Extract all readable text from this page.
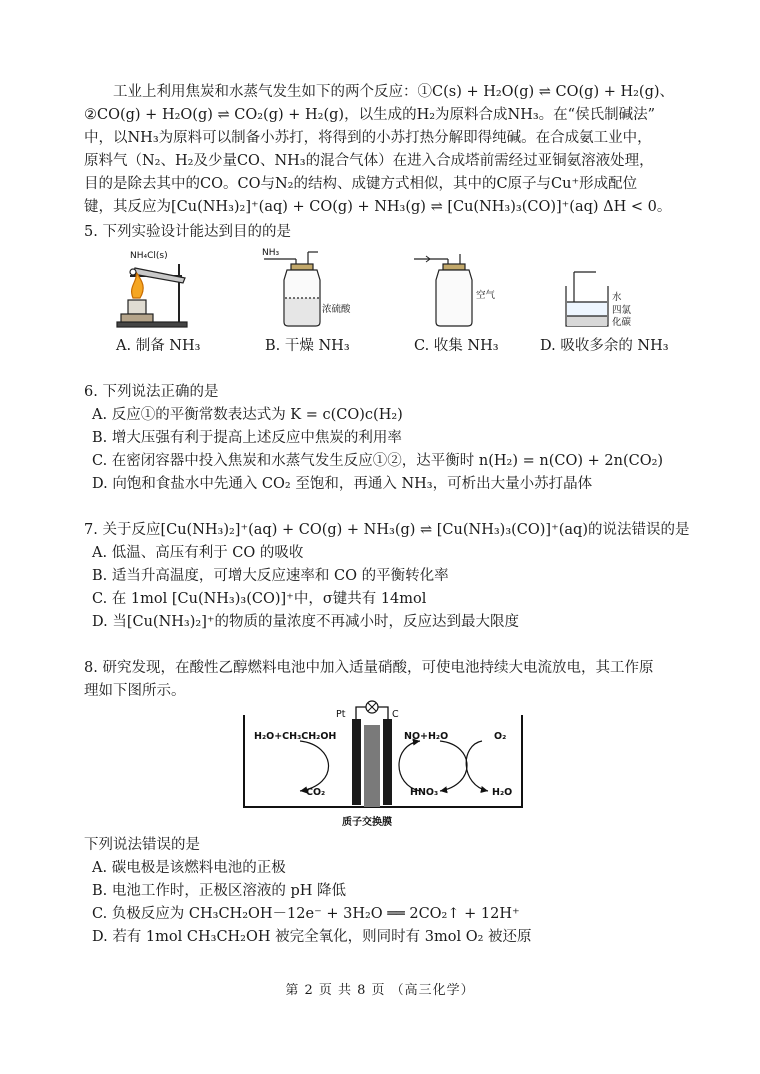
工业上利用焦炭和水蒸气发生如下的两个反应：①C(s) + H₂O(g) ⇌ CO(g) + H₂(g)、

②CO(g) + H₂O(g) ⇌ CO₂(g) + H₂(g)，以生成的H₂为原料合成NH₃。在“侯氏制碱法”

中，以NH₃为原料可以制备小苏打，将得到的小苏打热分解即得纯碱。在合成氨工业中，

原料气（N₂、H₂及少量CO、NH₃的混合气体）在进入合成塔前需经过亚铜氨溶液处理，

目的是除去其中的CO。CO与N₂的结构、成键方式相似，其中的C原子与Cu⁺形成配位

键，其反应为[Cu(NH₃)₂]⁺(aq) + CO(g) + NH₃(g) ⇌ [Cu(NH₃)₃(CO)]⁺(aq) ΔH < 0。

5. 下列实验设计能达到目的的是
NH₄Cl(s)	NH₃
浓硫酸
空气	水
四氯
化碳
A. 制备 NH₃	B. 干燥 NH₃	C. 收集 NH₃	D. 吸收多余的 NH₃
6. 下列说法正确的是
A. 反应①的平衡常数表达式为 K = c(CO)c(H₂)
B. 增大压强有利于提高上述反应中焦炭的利用率
C. 在密闭容器中投入焦炭和水蒸气发生反应①②，达平衡时 n(H₂) = n(CO) + 2n(CO₂)
D. 向饱和食盐水中先通入 CO₂ 至饱和，再通入 NH₃，可析出大量小苏打晶体
7. 关于反应[Cu(NH₃)₂]⁺(aq) + CO(g) + NH₃(g) ⇌ [Cu(NH₃)₃(CO)]⁺(aq)的说法错误的是
A. 低温、高压有利于 CO 的吸收
B. 适当升高温度，可增大反应速率和 CO 的平衡转化率
C. 在 1mol [Cu(NH₃)₃(CO)]⁺中，σ键共有 14mol
D. 当[Cu(NH₃)₂]⁺的物质的量浓度不再减小时，反应达到最大限度
8. 研究发现，在酸性乙醇燃料电池中加入适量硝酸，可使电池持续大电流放电，其工作原
理如下图所示。
H₂O+CH₃CH₂OH
CO₂
Pt	C
NO+H₂O
HNO₃
O₂
H₂O
质子交换膜
下列说法错误的是
A. 碳电极是该燃料电池的正极
B. 电池工作时，正极区溶液的 pH 降低
C. 负极反应为 CH₃CH₂OH－12e⁻ + 3H₂O ══ 2CO₂↑ + 12H⁺
D. 若有 1mol CH₃CH₂OH 被完全氧化，则同时有 3mol O₂ 被还原
第 2 页 共 8 页 （高三化学）
